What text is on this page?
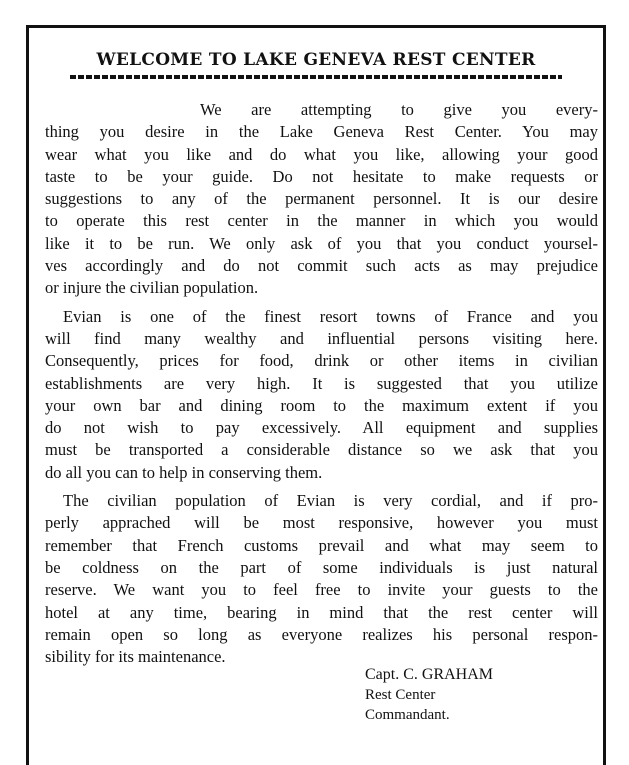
WELCOME TO LAKE GENEVA REST CENTER
We are attempting to give you every-
thing you desire in the Lake Geneva Rest Center. You may
wear what you like and do what you like, allowing your good
taste to be your guide. Do not hesitate to make requests or
suggestions to any of the permanent personnel. It is our desire
to operate this rest center in the manner in which you would
like it to be run. We only ask of you that you conduct yoursel-
ves accordingly and do not commit such acts as may prejudice
or injure the civilian population.
Evian is one of the finest resort towns of France and you
will find many wealthy and influential persons visiting here.
Consequently, prices for food, drink or other items in civilian
establishments are very high. It is suggested that you utilize
your own bar and dining room to the maximum extent if you
do not wish to pay excessively. All equipment and supplies
must be transported a considerable distance so we ask that you
do all you can to help in conserving them.
The civilian population of Evian is very cordial, and if pro-
perly apprached will be most responsive, however you must
remember that French customs prevail and what may seem to
be coldness on the part of some individuals is just natural
reserve. We want you to feel free to invite your guests to the
hotel at any time, bearing in mind that the rest center will
remain open so long as everyone realizes his personal respon-
sibility for its maintenance.
Capt. C. GRAHAM
Rest Center
Commandant.
